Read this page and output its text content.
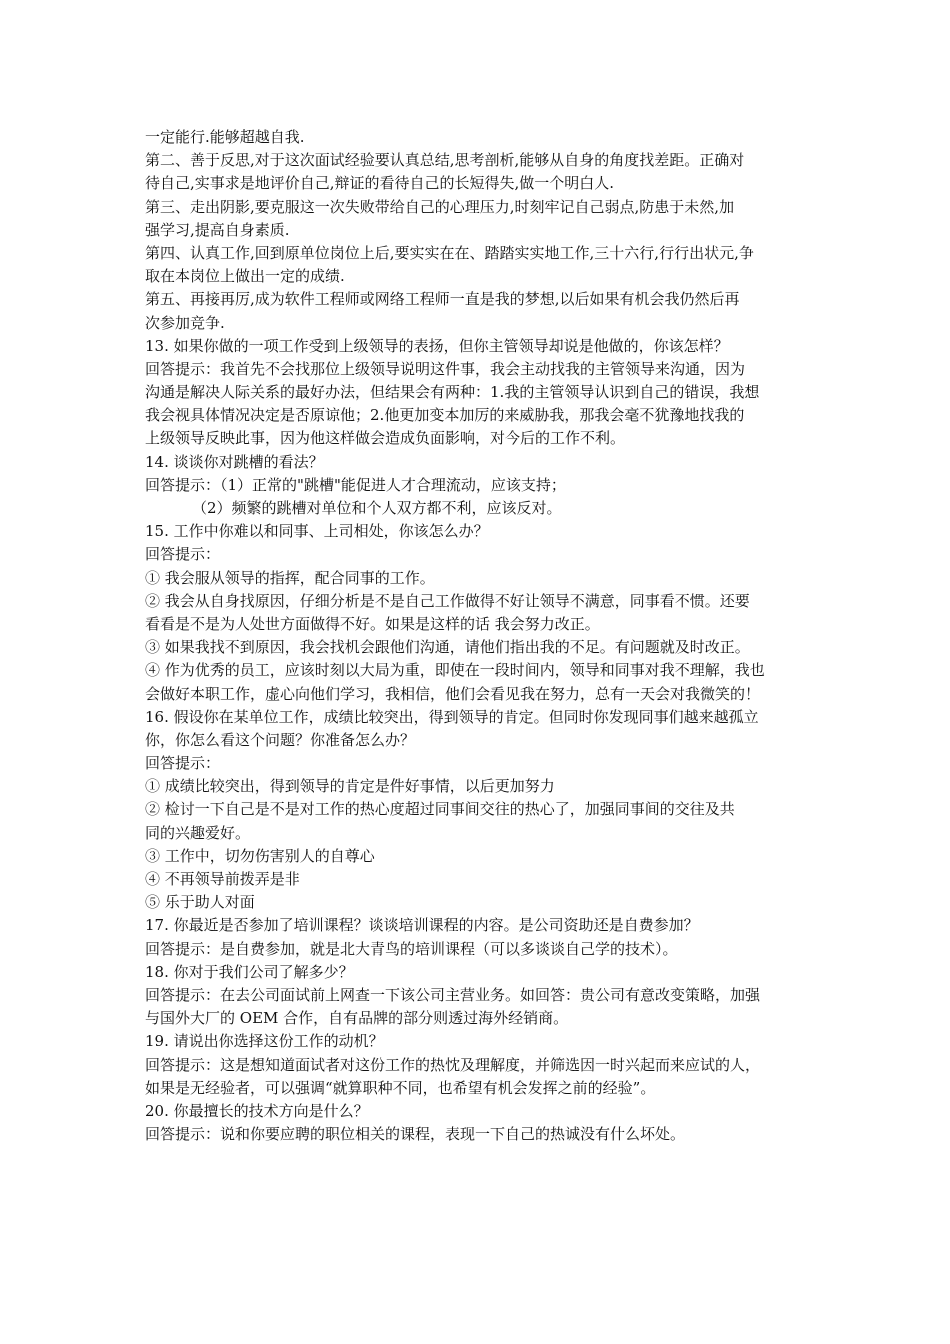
一定能行.能够超越自我.
第二、善于反思,对于这次面试经验要认真总结,思考剖析,能够从自身的角度找差距。正确对
待自己,实事求是地评价自己,辩证的看待自己的长短得失,做一个明白人.
第三、走出阴影,要克服这一次失败带给自己的心理压力,时刻牢记自己弱点,防患于未然,加
强学习,提高自身素质.
第四、认真工作,回到原单位岗位上后,要实实在在、踏踏实实地工作,三十六行,行行出状元,争
取在本岗位上做出一定的成绩.
第五、再接再厉,成为软件工程师或网络工程师一直是我的梦想,以后如果有机会我仍然后再
次参加竞争.
13. 如果你做的一项工作受到上级领导的表扬，但你主管领导却说是他做的，你该怎样？
回答提示：我首先不会找那位上级领导说明这件事，我会主动找我的主管领导来沟通，因为
沟通是解决人际关系的最好办法，但结果会有两种：1.我的主管领导认识到自己的错误，我想
我会视具体情况决定是否原谅他；2.他更加变本加厉的来威胁我，那我会毫不犹豫地找我的
上级领导反映此事，因为他这样做会造成负面影响，对今后的工作不利。
14. 谈谈你对跳槽的看法？
回答提示：（1）正常的"跳槽"能促进人才合理流动，应该支持；
（2）频繁的跳槽对单位和个人双方都不利，应该反对。
15. 工作中你难以和同事、上司相处，你该怎么办？
回答提示：
① 我会服从领导的指挥，配合同事的工作。
② 我会从自身找原因，仔细分析是不是自己工作做得不好让领导不满意，同事看不惯。还要
看看是不是为人处世方面做得不好。如果是这样的话 我会努力改正。
③ 如果我找不到原因，我会找机会跟他们沟通，请他们指出我的不足。有问题就及时改正。
④ 作为优秀的员工，应该时刻以大局为重，即使在一段时间内，领导和同事对我不理解，我也
会做好本职工作，虚心向他们学习，我相信，他们会看见我在努力，总有一天会对我微笑的！
16. 假设你在某单位工作，成绩比较突出，得到领导的肯定。但同时你发现同事们越来越孤立
你，你怎么看这个问题？你准备怎么办？
回答提示：
① 成绩比较突出，得到领导的肯定是件好事情，以后更加努力
② 检讨一下自己是不是对工作的热心度超过同事间交往的热心了，加强同事间的交往及共
同的兴趣爱好。
③ 工作中，切勿伤害别人的自尊心
④ 不再领导前拨弄是非
⑤ 乐于助人对面
17. 你最近是否参加了培训课程？谈谈培训课程的内容。是公司资助还是自费参加？
回答提示：是自费参加，就是北大青鸟的培训课程（可以多谈谈自己学的技术）。
18. 你对于我们公司了解多少？
回答提示：在去公司面试前上网查一下该公司主营业务。如回答：贵公司有意改变策略，加强
与国外大厂的 OEM 合作，自有品牌的部分则透过海外经销商。
19. 请说出你选择这份工作的动机？
回答提示：这是想知道面试者对这份工作的热忱及理解度，并筛选因一时兴起而来应试的人，
如果是无经验者，可以强调“就算职种不同，也希望有机会发挥之前的经验”。
20. 你最擅长的技术方向是什么？
回答提示：说和你要应聘的职位相关的课程，表现一下自己的热诚没有什么坏处。
